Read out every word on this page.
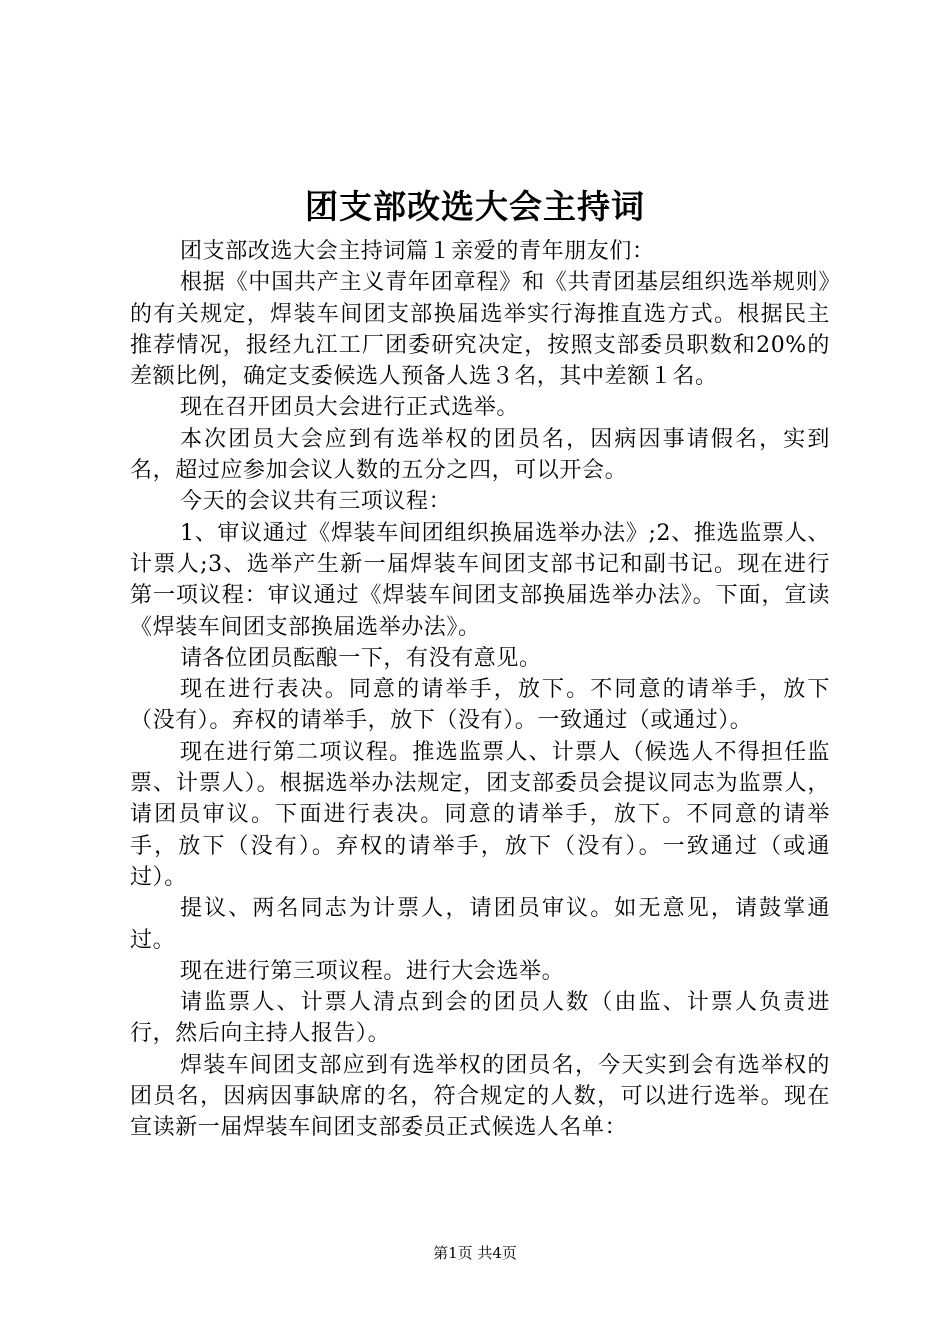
团支部改选大会主持词

团支部改选大会主持词篇１亲爱的青年朋友们：

根据《中国共产主义青年团章程》和《共青团基层组织选举规则》的有关规定，焊装车间团支部换届选举实行海推直选方式。根据民主推荐情况，报经九江工厂团委研究决定，按照支部委员职数和20%的差额比例，确定支委候选人预备人选３名，其中差额１名。

现在召开团员大会进行正式选举。

本次团员大会应到有选举权的团员名，因病因事请假名，实到名，超过应参加会议人数的五分之四，可以开会。

今天的会议共有三项议程：

1、审议通过《焊装车间团组织换届选举办法》;2、推选监票人、计票人;3、选举产生新一届焊装车间团支部书记和副书记。现在进行第一项议程：审议通过《焊装车间团支部换届选举办法》。下面，宣读《焊装车间团支部换届选举办法》。

请各位团员酝酿一下，有没有意见。

现在进行表决。同意的请举手，放下。不同意的请举手，放下（没有）。弃权的请举手，放下（没有）。一致通过（或通过）。

现在进行第二项议程。推选监票人、计票人（候选人不得担任监票、计票人）。根据选举办法规定，团支部委员会提议同志为监票人，请团员审议。下面进行表决。同意的请举手，放下。不同意的请举手，放下（没有）。弃权的请举手，放下（没有）。一致通过（或通过）。

提议、两名同志为计票人，请团员审议。如无意见，请鼓掌通过。

现在进行第三项议程。进行大会选举。

请监票人、计票人清点到会的团员人数（由监、计票人负责进行，然后向主持人报告）。

焊装车间团支部应到有选举权的团员名，今天实到会有选举权的团员名，因病因事缺席的名，符合规定的人数，可以进行选举。现在宣读新一届焊装车间团支部委员正式候选人名单：

第1页 共4页
